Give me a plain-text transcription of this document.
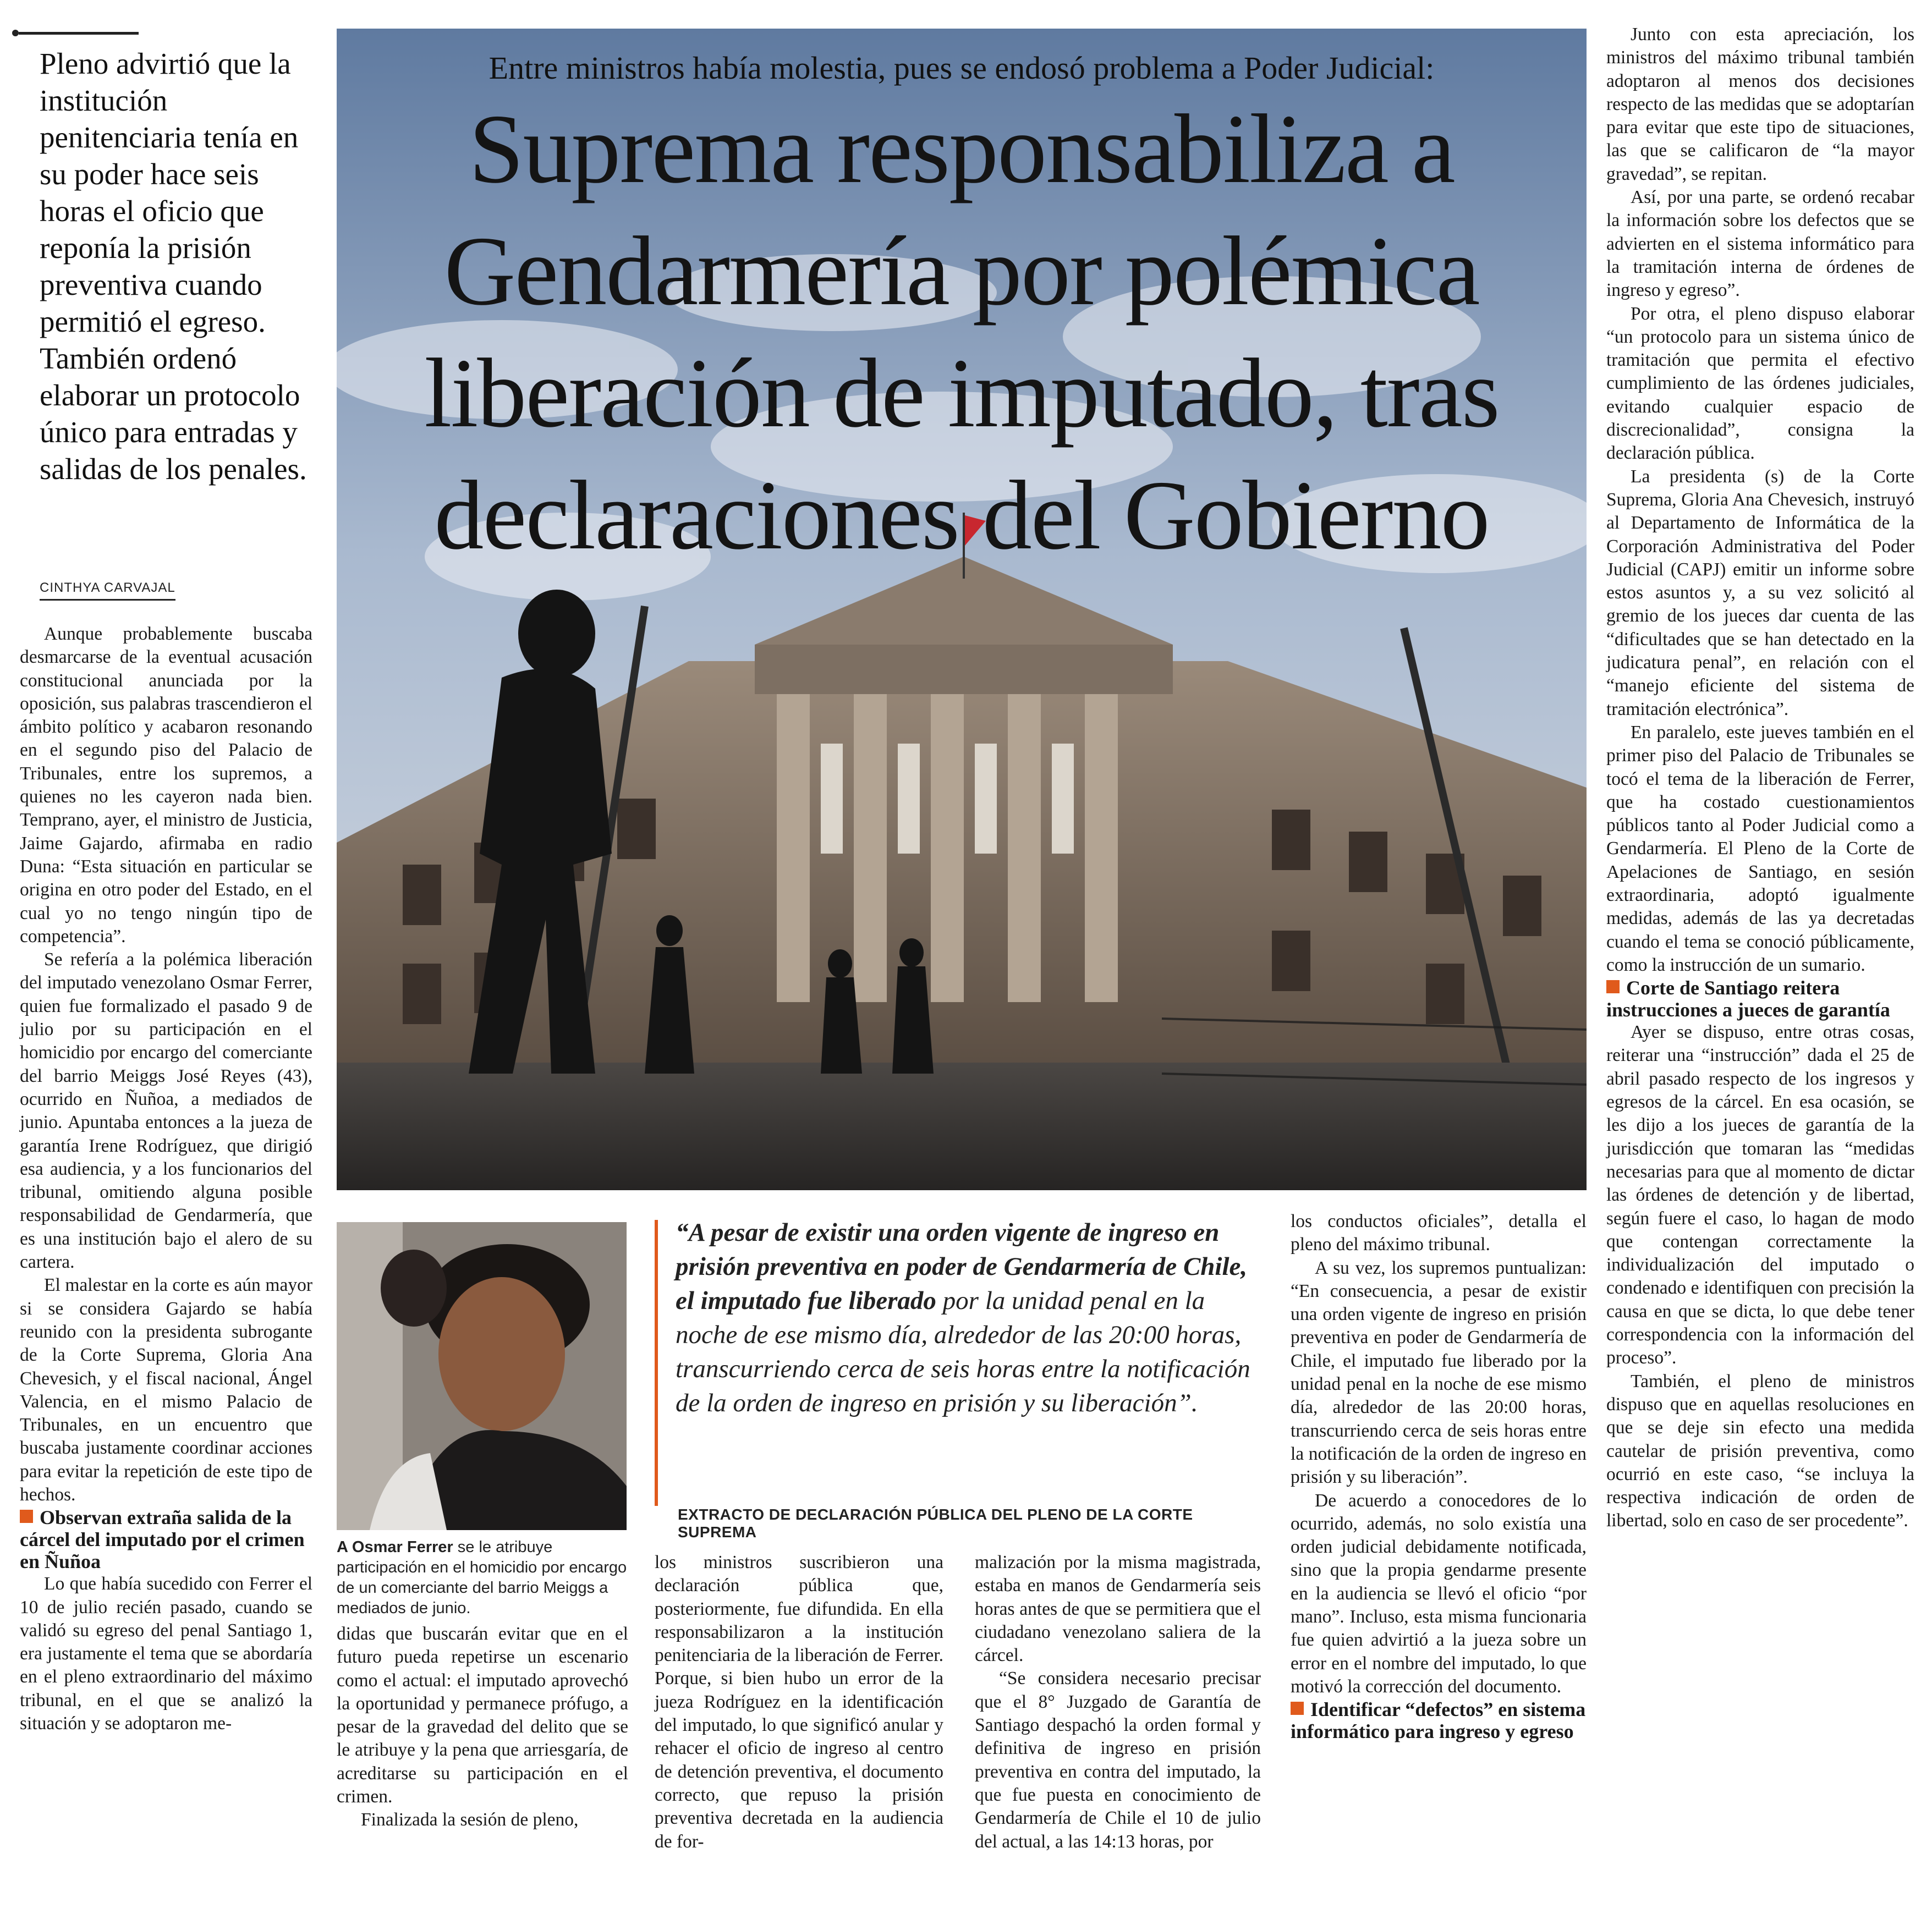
Pleno advirtió que la institución penitenciaria tenía en su poder hace seis horas el oficio que reponía la prisión preventiva cuando permitió el egreso. También ordenó elaborar un protocolo único para entradas y salidas de los penales.
CINTHYA CARVAJAL
Entre ministros había molestia, pues se endosó problema a Poder Judicial:
Suprema responsabiliza a Gendarmería por polémica liberación de imputado, tras declaraciones del Gobierno
A Osmar Ferrer se le atribuye participación en el homicidio por encargo de un comerciante del barrio Meiggs a mediados de junio.
“A pesar de existir una orden vigente de ingreso en prisión preventiva en poder de Gendarmería de Chile, el imputado fue liberado por la unidad penal en la noche de ese mismo día, alrededor de las 20:00 horas, transcurriendo cerca de seis horas entre la notificación de la orden de ingreso en prisión y su liberación”.
EXTRACTO DE DECLARACIÓN PÚBLICA DEL PLENO DE LA CORTE SUPREMA

Aunque probablemente buscaba desmarcarse de la eventual acusación constitucional anunciada por la oposición, sus palabras trascendieron el ámbito político y acabaron resonando en el segundo piso del Palacio de Tribunales, entre los supremos, a quienes no les cayeron nada bien. Temprano, ayer, el ministro de Justicia, Jaime Gajardo, afirmaba en radio Duna: “Esta situación en particular se origina en otro poder del Estado, en el cual yo no tengo ningún tipo de competencia”.

Se refería a la polémica liberación del imputado venezolano Osmar Ferrer, quien fue formalizado el pasado 9 de julio por su participación en el homicidio por encargo del comerciante del barrio Meiggs José Reyes (43), ocurrido en Ñuñoa, a mediados de junio. Apuntaba entonces a la jueza de garantía Irene Rodríguez, que dirigió esa audiencia, y a los funcionarios del tribunal, omitiendo alguna posible responsabilidad de Gendarmería, que es una institución bajo el alero de su cartera.

El malestar en la corte es aún mayor si se considera Gajardo se había reunido con la presidenta subrogante de la Corte Suprema, Gloria Ana Chevesich, y el fiscal nacional, Ángel Valencia, en el mismo Palacio de Tribunales, en un encuentro que buscaba justamente coordinar acciones para evitar la repetición de este tipo de hechos.

Observan extraña salida de la cárcel del imputado por el crimen en Ñuñoa

Lo que había sucedido con Ferrer el 10 de julio recién pasado, cuando se validó su egreso del penal Santiago 1, era justamente el tema que se abordaría en el pleno extraordinario del máximo tribunal, en el que se analizó la situación y se adoptaron me-

didas que buscarán evitar que en el futuro pueda repetirse un escenario como el actual: el imputado aprovechó la oportunidad y permanece prófugo, a pesar de la gravedad del delito que se le atribuye y la pena que arriesgaría, de acreditarse su participación en el crimen.

Finalizada la sesión de pleno,

los ministros suscribieron una declaración pública que, posteriormente, fue difundida. En ella responsabilizaron a la institución penitenciaria de la liberación de Ferrer. Porque, si bien hubo un error de la jueza Rodríguez en la identificación del imputado, lo que significó anular y rehacer el oficio de ingreso al centro de detención preventiva, el documento correcto, que repuso la prisión preventiva decretada en la audiencia de for-

malización por la misma magistrada, estaba en manos de Gendarmería seis horas antes de que se permitiera que el ciudadano venezolano saliera de la cárcel.

“Se considera necesario precisar que el 8° Juzgado de Garantía de Santiago despachó la orden formal y definitiva de ingreso en prisión preventiva en contra del imputado, la que fue puesta en conocimiento de Gendarmería de Chile el 10 de julio del actual, a las 14:13 horas, por

los conductos oficiales”, detalla el pleno del máximo tribunal.

A su vez, los supremos puntualizan: “En consecuencia, a pesar de existir una orden vigente de ingreso en prisión preventiva en poder de Gendarmería de Chile, el imputado fue liberado por la unidad penal en la noche de ese mismo día, alrededor de las 20:00 horas, transcurriendo cerca de seis horas entre la notificación de la orden de ingreso en prisión y su liberación”.

De acuerdo a conocedores de lo ocurrido, además, no solo existía una orden judicial debidamente notificada, sino que la propia gendarme presente en la audiencia se llevó el oficio “por mano”. Incluso, esta misma funcionaria fue quien advirtió a la jueza sobre un error en el nombre del imputado, lo que motivó la corrección del documento.

Identificar “defectos” en sistema informático para ingreso y egreso

Junto con esta apreciación, los ministros del máximo tribunal también adoptaron al menos dos decisiones respecto de las medidas que se adoptarían para evitar que este tipo de situaciones, las que se calificaron de “la mayor gravedad”, se repitan.

Así, por una parte, se ordenó recabar la información sobre los defectos que se advierten en el sistema informático para la tramitación interna de órdenes de ingreso y egreso”.

Por otra, el pleno dispuso elaborar “un protocolo para un sistema único de tramitación que permita el efectivo cumplimiento de las órdenes judiciales, evitando cualquier espacio de discrecionalidad”, consigna la declaración pública.

La presidenta (s) de la Corte Suprema, Gloria Ana Chevesich, instruyó al Departamento de Informática de la Corporación Administrativa del Poder Judicial (CAPJ) emitir un informe sobre estos asuntos y, a su vez solicitó al gremio de los jueces dar cuenta de las “dificultades que se han detectado en la judicatura penal”, en relación con el “manejo eficiente del sistema de tramitación electrónica”.

En paralelo, este jueves también en el primer piso del Palacio de Tribunales se tocó el tema de la liberación de Ferrer, que ha costado cuestionamientos públicos tanto al Poder Judicial como a Gendarmería. El Pleno de la Corte de Apelaciones de Santiago, en sesión extraordinaria, adoptó igualmente medidas, además de las ya decretadas cuando el tema se conoció públicamente, como la instrucción de un sumario.

Corte de Santiago reitera instrucciones a jueces de garantía

Ayer se dispuso, entre otras cosas, reiterar una “instrucción” dada el 25 de abril pasado respecto de los ingresos y egresos de la cárcel. En esa ocasión, se les dijo a los jueces de garantía de la jurisdicción que tomaran las “medidas necesarias para que al momento de dictar las órdenes de detención y de libertad, según fuere el caso, lo hagan de modo que contengan correctamente la individualización del imputado o condenado e identifiquen con precisión la causa en que se dicta, lo que debe tener correspondencia con la información del proceso”.

También, el pleno de ministros dispuso que en aquellas resoluciones en que se deje sin efecto una medida cautelar de prisión preventiva, como ocurrió en este caso, “se incluya la respectiva indicación de orden de libertad, solo en caso de ser procedente”.
